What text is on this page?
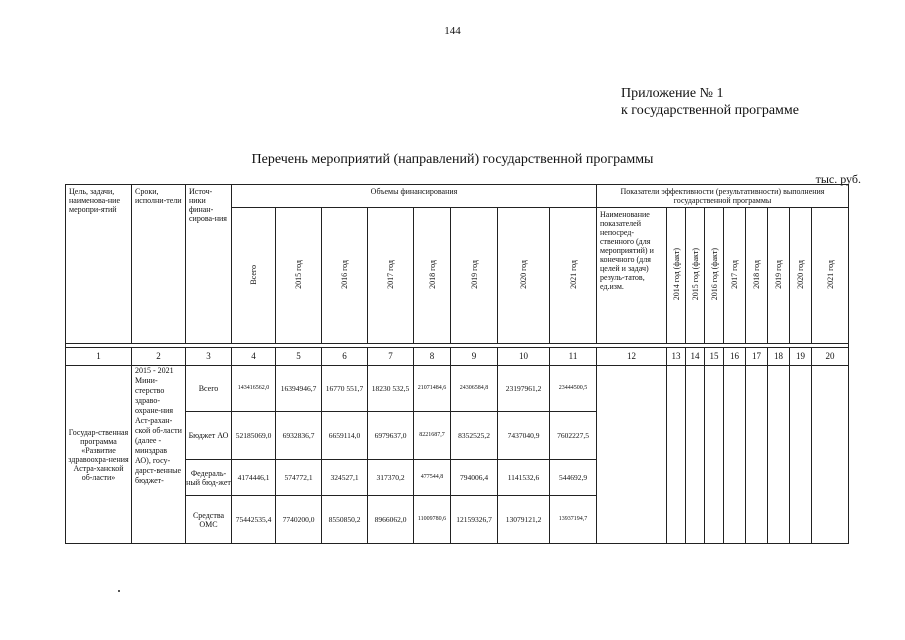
144
Приложение № 1
к государственной программе
Перечень мероприятий (направлений) государственной программы
тыс. руб.
Цель, задачи, наименова-ние меропри-ятий	Сроки, исполни-тели	Источ-ники финан-сирова-ния	Объемы финансирования								Показатели эффективности (результативности) выполнения государственной программы								
			Всего	2015 год	2016 год	2017 год	2018 год	2019 год	2020 год	2021 год	Наименование показателей непосред-ственного (для мероприятий) и конечного (для целей и задач) резуль-татов, ед.изм.	2014 год (факт)	2015 год (факт)	2016 год (факт)	2017 год	2018 год	2019 год	2020 год	2021 год

1	2	3	4	5	6	7	8	9	10	11	12	13	14	15	16	17	18	19	20
Государ-ственная программа «Развитие здравоохра-нения Астра-ханской об-ласти»	2015 - 2021 Мини-стерство здраво-охране-ния Аст-рахан-ской об-ласти (далее - минздрав АО), госу-дарст-венные бюджет-	Всего	143416562,0	16394946,7	16770 551,7	18230 532,5	21071484,6	24306584,8	23197961,2	23444500,5									
		Бюджет АО	52185069,0	6932836,7	6659114,0	6979637,0	8221687,7	8352525,2	7437040,9	7602227,5									
		Федераль-ный бюд-жет	4174446,1	574772,1	324527,1	317370,2	477544,8	794006,4	1141532,6	544692,9									
		Средства ОМС	75442535,4	7740200,0	8550850,2	8966062,0	11009780,6	12159326,7	13079121,2	13937194,7									
